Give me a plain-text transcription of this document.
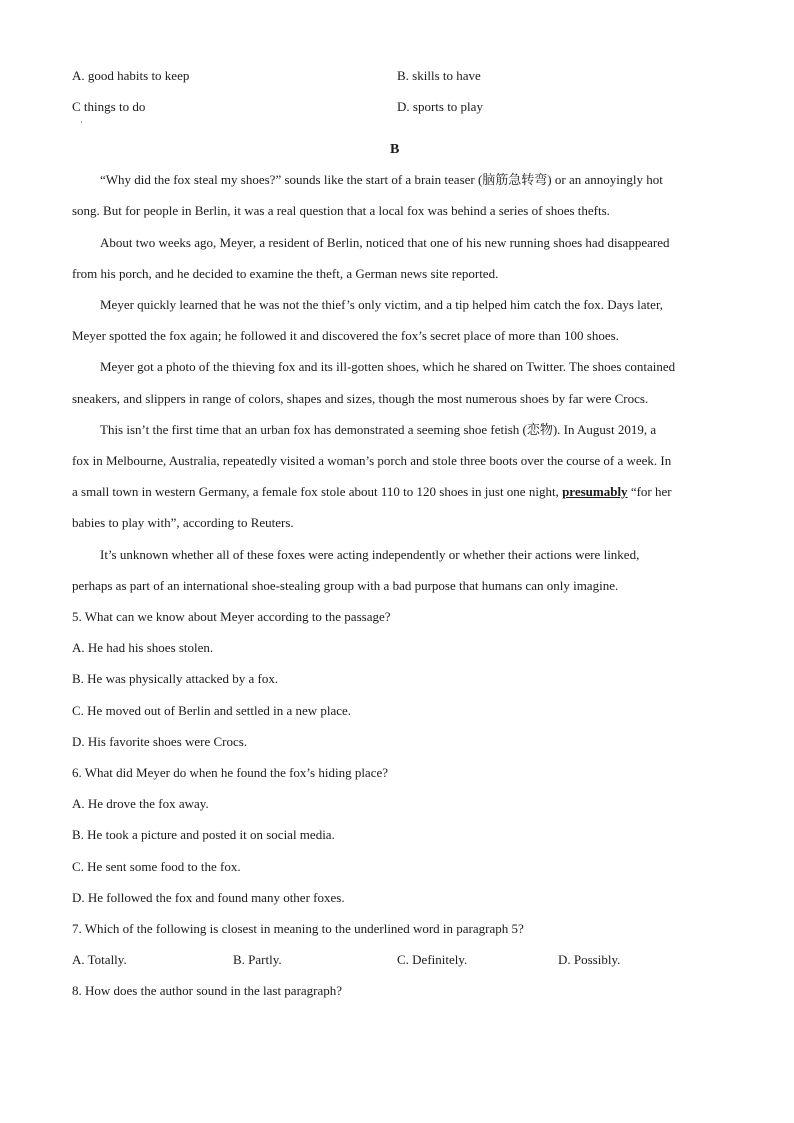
A. good habits to keep	B. skills to have
C things to do	D. sports to play
·
B
“Why did the fox steal my shoes?” sounds like the start of a brain teaser (脑筋急转弯) or an annoyingly hot
song. But for people in Berlin, it was a real question that a local fox was behind a series of shoes thefts.
About two weeks ago, Meyer, a resident of Berlin, noticed that one of his new running shoes had disappeared
from his porch, and he decided to examine the theft, a German news site reported.
Meyer quickly learned that he was not the thief’s only victim, and a tip helped him catch the fox. Days later,
Meyer spotted the fox again; he followed it and discovered the fox’s secret place of more than 100 shoes.
Meyer got a photo of the thieving fox and its ill-gotten shoes, which he shared on Twitter. The shoes contained
sneakers, and slippers in range of colors, shapes and sizes, though the most numerous shoes by far were Crocs.
This isn’t the first time that an urban fox has demonstrated a seeming shoe fetish (恋物). In August 2019, a
fox in Melbourne, Australia, repeatedly visited a woman’s porch and stole three boots over the course of a week. In
a small town in western Germany, a female fox stole about 110 to 120 shoes in just one night, presumably “for her
babies to play with”, according to Reuters.
It’s unknown whether all of these foxes were acting independently or whether their actions were linked,
perhaps as part of an international shoe-stealing group with a bad purpose that humans can only imagine.
5. What can we know about Meyer according to the passage?
A. He had his shoes stolen.
B. He was physically attacked by a fox.
C. He moved out of Berlin and settled in a new place.
D. His favorite shoes were Crocs.
6. What did Meyer do when he found the fox’s hiding place?
A. He drove the fox away.
B. He took a picture and posted it on social media.
C. He sent some food to the fox.
D. He followed the fox and found many other foxes.
7. Which of the following is closest in meaning to the underlined word in paragraph 5?
A. Totally.	B. Partly.	C. Definitely.	D. Possibly.
8. How does the author sound in the last paragraph?
